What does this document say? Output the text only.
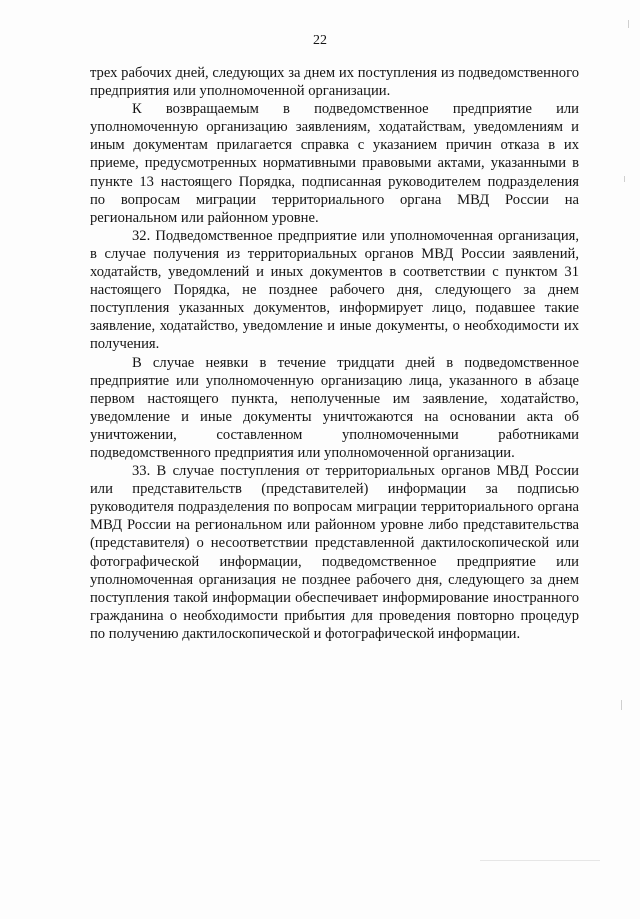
22

трех рабочих дней, следующих за днем их поступления из подведомственного предприятия или уполномоченной организации.

К возвращаемым в подведомственное предприятие или уполномоченную организацию заявлениям, ходатайствам, уведомлениям и иным документам прилагается справка с указанием причин отказа в их приеме, предусмотренных нормативными правовыми актами, указанными в пункте 13 настоящего Порядка, подписанная руководителем подразделения по вопросам миграции территориального органа МВД России на региональном или районном уровне.

32. Подведомственное предприятие или уполномоченная организация, в случае получения из территориальных органов МВД России заявлений, ходатайств, уведомлений и иных документов в соответствии с пунктом 31 настоящего Порядка, не позднее рабочего дня, следующего за днем поступления указанных документов, информирует лицо, подавшее такие заявление, ходатайство, уведомление и иные документы, о необходимости их получения.

В случае неявки в течение тридцати дней в подведомственное предприятие или уполномоченную организацию лица, указанного в абзаце первом настоящего пункта, неполученные им заявление, ходатайство, уведомление и иные документы уничтожаются на основании акта об уничтожении, составленном уполномоченными работниками подведомственного предприятия или уполномоченной организации.

33. В случае поступления от территориальных органов МВД России или представительств (представителей) информации за подписью руководителя подразделения по вопросам миграции территориального органа МВД России на региональном или районном уровне либо представительства (представителя) о несоответствии представленной дактилоскопической или фотографической информации, подведомственное предприятие или уполномоченная организация не позднее рабочего дня, следующего за днем поступления такой информации обеспечивает информирование иностранного гражданина о необходимости прибытия для проведения повторно процедур по получению дактилоскопической и фотографической информации.
